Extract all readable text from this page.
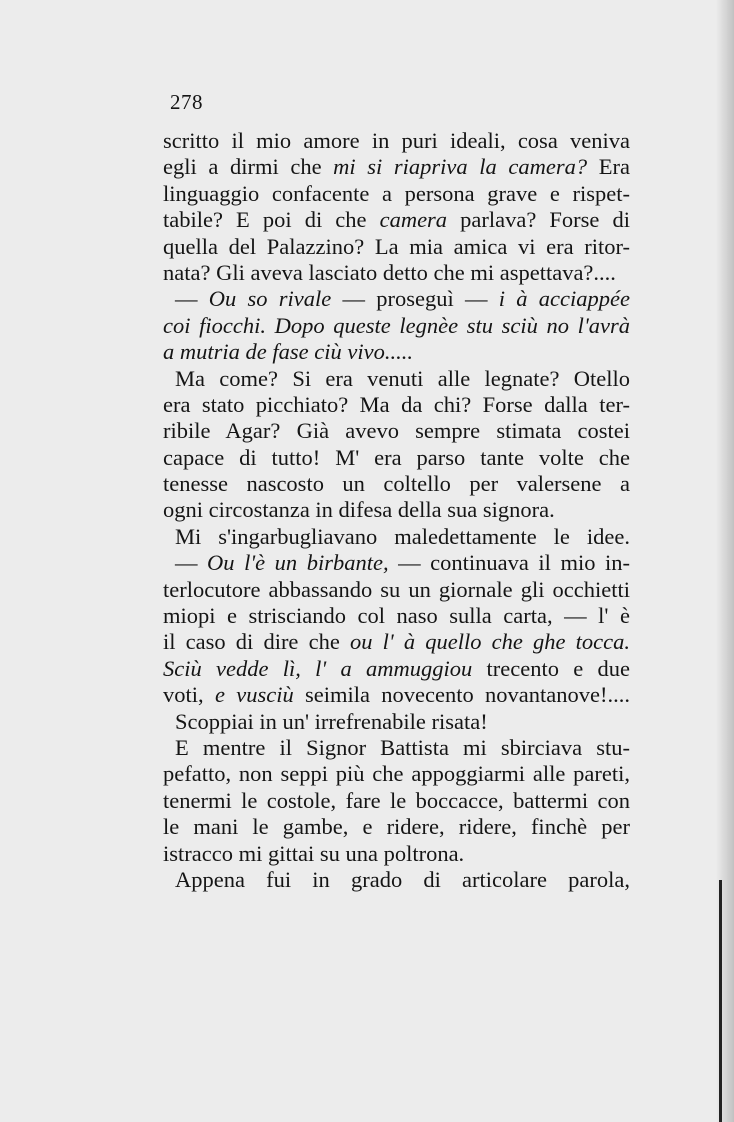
278
scritto il mio amore in puri ideali, cosa veniva
egli a dirmi che mi si riapriva la camera? Era
linguaggio confacente a persona grave e rispet-
tabile? E poi di che camera parlava? Forse di
quella del Palazzino? La mia amica vi era ritor-
nata? Gli aveva lasciato detto che mi aspettava?....
— Ou so rivale — proseguì — i à acciappée
coi fiocchi. Dopo queste legnèe stu sciù no l'avrà
a mutria de fase ciù vivo.....
Ma come? Si era venuti alle legnate? Otello
era stato picchiato? Ma da chi? Forse dalla ter-
ribile Agar? Già avevo sempre stimata costei
capace di tutto! M' era parso tante volte che
tenesse nascosto un coltello per valersene a
ogni circostanza in difesa della sua signora.
Mi s'ingarbugliavano maledettamente le idee.
— Ou l'è un birbante, — continuava il mio in-
terlocutore abbassando su un giornale gli occhietti
miopi e strisciando col naso sulla carta, — l' è
il caso di dire che ou l' à quello che ghe tocca.
Sciù vedde lì, l' a ammuggiou trecento e due
voti, e vusciù seimila novecento novantanove!....
Scoppiai in un' irrefrenabile risata!
E mentre il Signor Battista mi sbirciava stu-
pefatto, non seppi più che appoggiarmi alle pareti,
tenermi le costole, fare le boccacce, battermi con
le mani le gambe, e ridere, ridere, finchè per
istracco mi gittai su una poltrona.
Appena fui in grado di articolare parola,
